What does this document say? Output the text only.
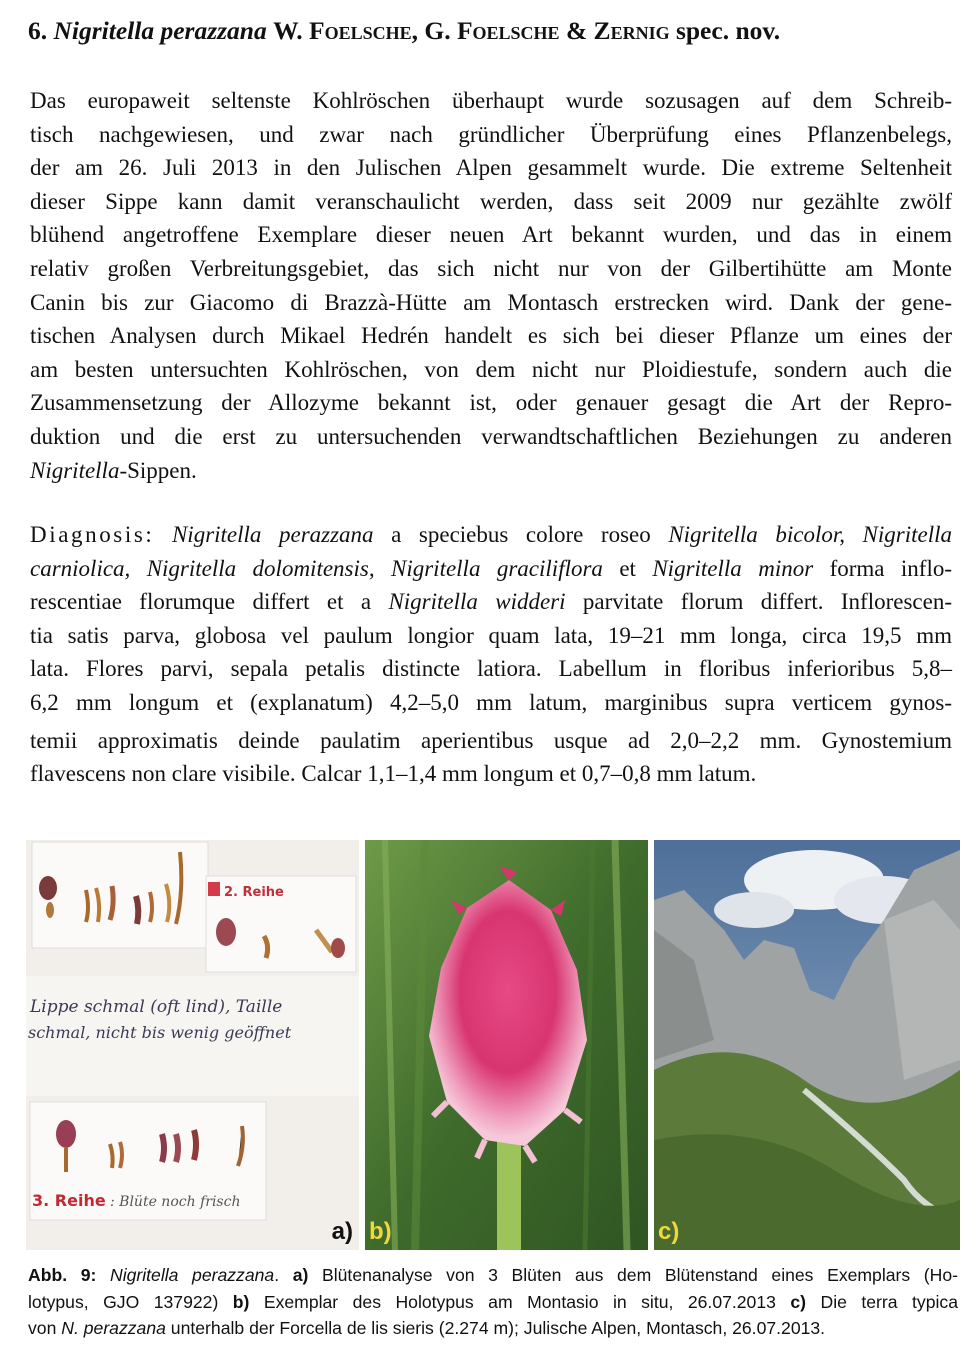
6. Nigritella perazzana W. Foelsche, G. Foelsche & Zernig spec. nov.
Das europaweit seltenste Kohlröschen überhaupt wurde sozusagen auf dem Schreib-
tisch nachgewiesen, und zwar nach gründlicher Überprüfung eines Pflanzenbelegs,
der am 26. Juli 2013 in den Julischen Alpen gesammelt wurde. Die extreme Seltenheit
dieser Sippe kann damit veranschaulicht werden, dass seit 2009 nur gezählte zwölf
blühend angetroffene Exemplare dieser neuen Art bekannt wurden, und das in einem
relativ großen Verbreitungsgebiet, das sich nicht nur von der Gilbertihütte am Monte
Canin bis zur Giacomo di Brazzà-Hütte am Montasch erstrecken wird. Dank der gene-
tischen Analysen durch Mikael Hedrén handelt es sich bei dieser Pflanze um eines der
am besten untersuchten Kohlröschen, von dem nicht nur Ploidiestufe, sondern auch die
Zusammensetzung der Allozyme bekannt ist, oder genauer gesagt die Art der Repro-
duktion und die erst zu untersuchenden verwandtschaftlichen Beziehungen zu anderen
Nigritella-Sippen.
Diagnosis: Nigritella perazzana a speciebus colore roseo Nigritella bicolor, Nigritella
carniolica, Nigritella dolomitensis, Nigritella graciliflora et Nigritella minor forma inflo-
rescentiae florumque differt et a Nigritella widderi parvitate florum differt. Inflorescen-
tia satis parva, globosa vel paulum longior quam lata, 19–21 mm longa, circa 19,5 mm
lata. Flores parvi, sepala petalis distincte latiora. Labellum in floribus inferioribus 5,8–
6,2 mm longum et (explanatum) 4,2–5,0 mm latum, marginibus supra verticem gynos-
temii approximatis deinde paulatim aperientibus usque ad 2,0–2,2 mm. Gynostemium
flavescens non clare visibile. Calcar 1,1–1,4 mm longum et 0,7–0,8 mm latum.
2. Reihe
Lippe schmal (oft lind), Taille
schmal, nicht bis wenig geöffnet
3. Reihe : Blüte noch frisch
a) b)	c)
Abb. 9: Nigritella perazzana. a) Blütenanalyse von 3 Blüten aus dem Blütenstand eines Exemplars (Ho-
lotypus, GJO 137922) b) Exemplar des Holotypus am Montasio in situ, 26.07.2013 c) Die terra typica
von N. perazzana unterhalb der Forcella de lis sieris (2.274 m); Julische Alpen, Montasch, 26.07.2013.
